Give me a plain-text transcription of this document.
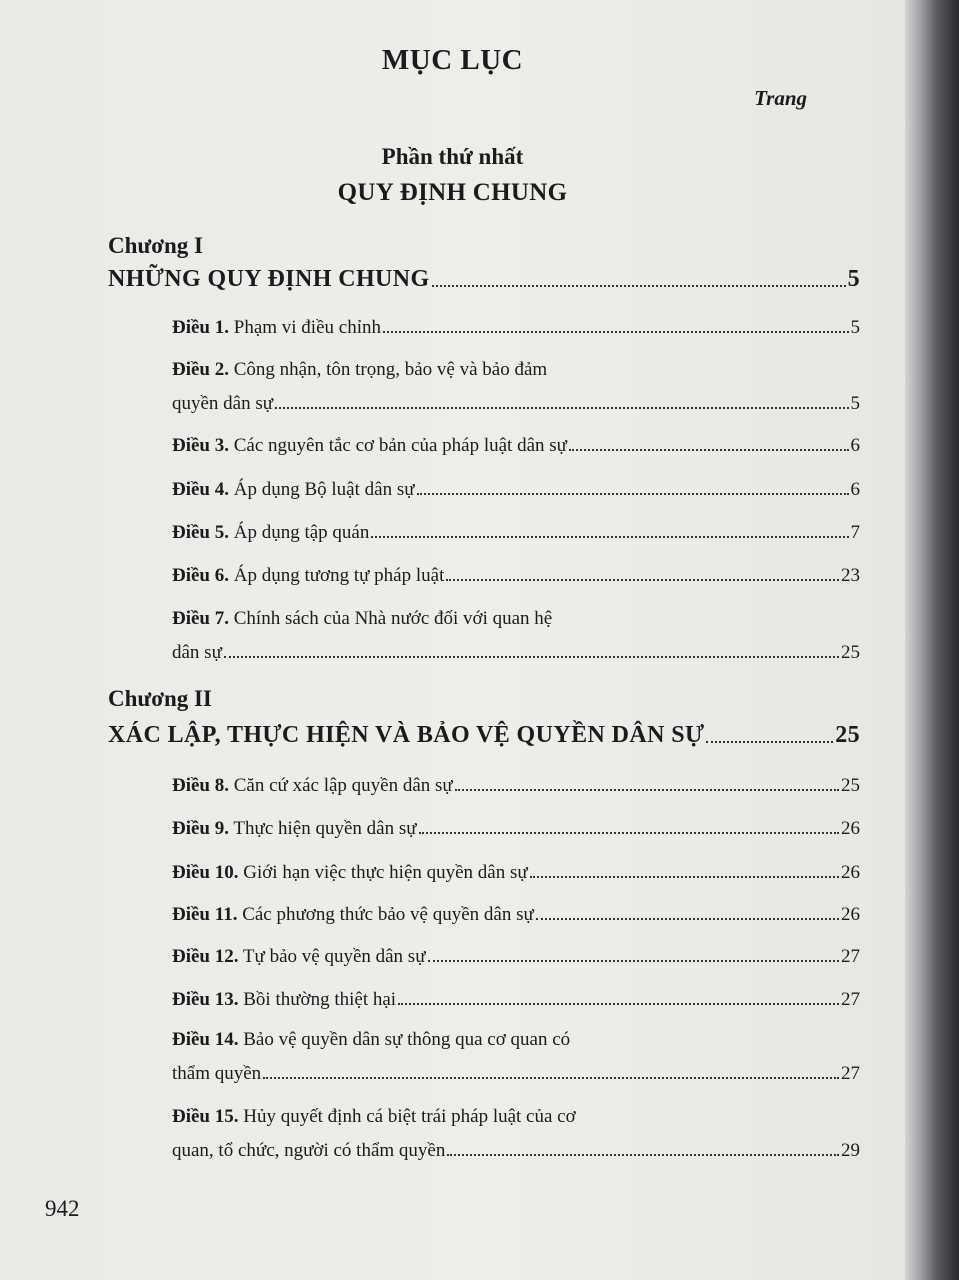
MỤC LỤC
Trang
Phần thứ nhất
QUY ĐỊNH CHUNG
Chương I
NHỮNG QUY ĐỊNH CHUNG	5
Điều 1. Phạm vi điều chỉnh	5
Điều 2. Công nhận, tôn trọng, bảo vệ và bảo đảm
quyền dân sự	5
Điều 3. Các nguyên tắc cơ bản của pháp luật dân sự	6
Điều 4. Áp dụng Bộ luật dân sự	6
Điều 5. Áp dụng tập quán	7
Điều 6. Áp dụng tương tự pháp luật	23
Điều 7. Chính sách của Nhà nước đối với quan hệ
dân sự	25
Chương II
XÁC LẬP, THỰC HIỆN VÀ BẢO VỆ QUYỀN DÂN SỰ	25
Điều 8. Căn cứ xác lập quyền dân sự	25
Điều 9. Thực hiện quyền dân sự	26
Điều 10. Giới hạn việc thực hiện quyền dân sự	26
Điều 11. Các phương thức bảo vệ quyền dân sự	26
Điều 12. Tự bảo vệ quyền dân sự	27
Điều 13. Bồi thường thiệt hại	27
Điều 14. Bảo vệ quyền dân sự thông qua cơ quan có
thẩm quyền	27
Điều 15. Hủy quyết định cá biệt trái pháp luật của cơ
quan, tổ chức, người có thẩm quyền	29
942
